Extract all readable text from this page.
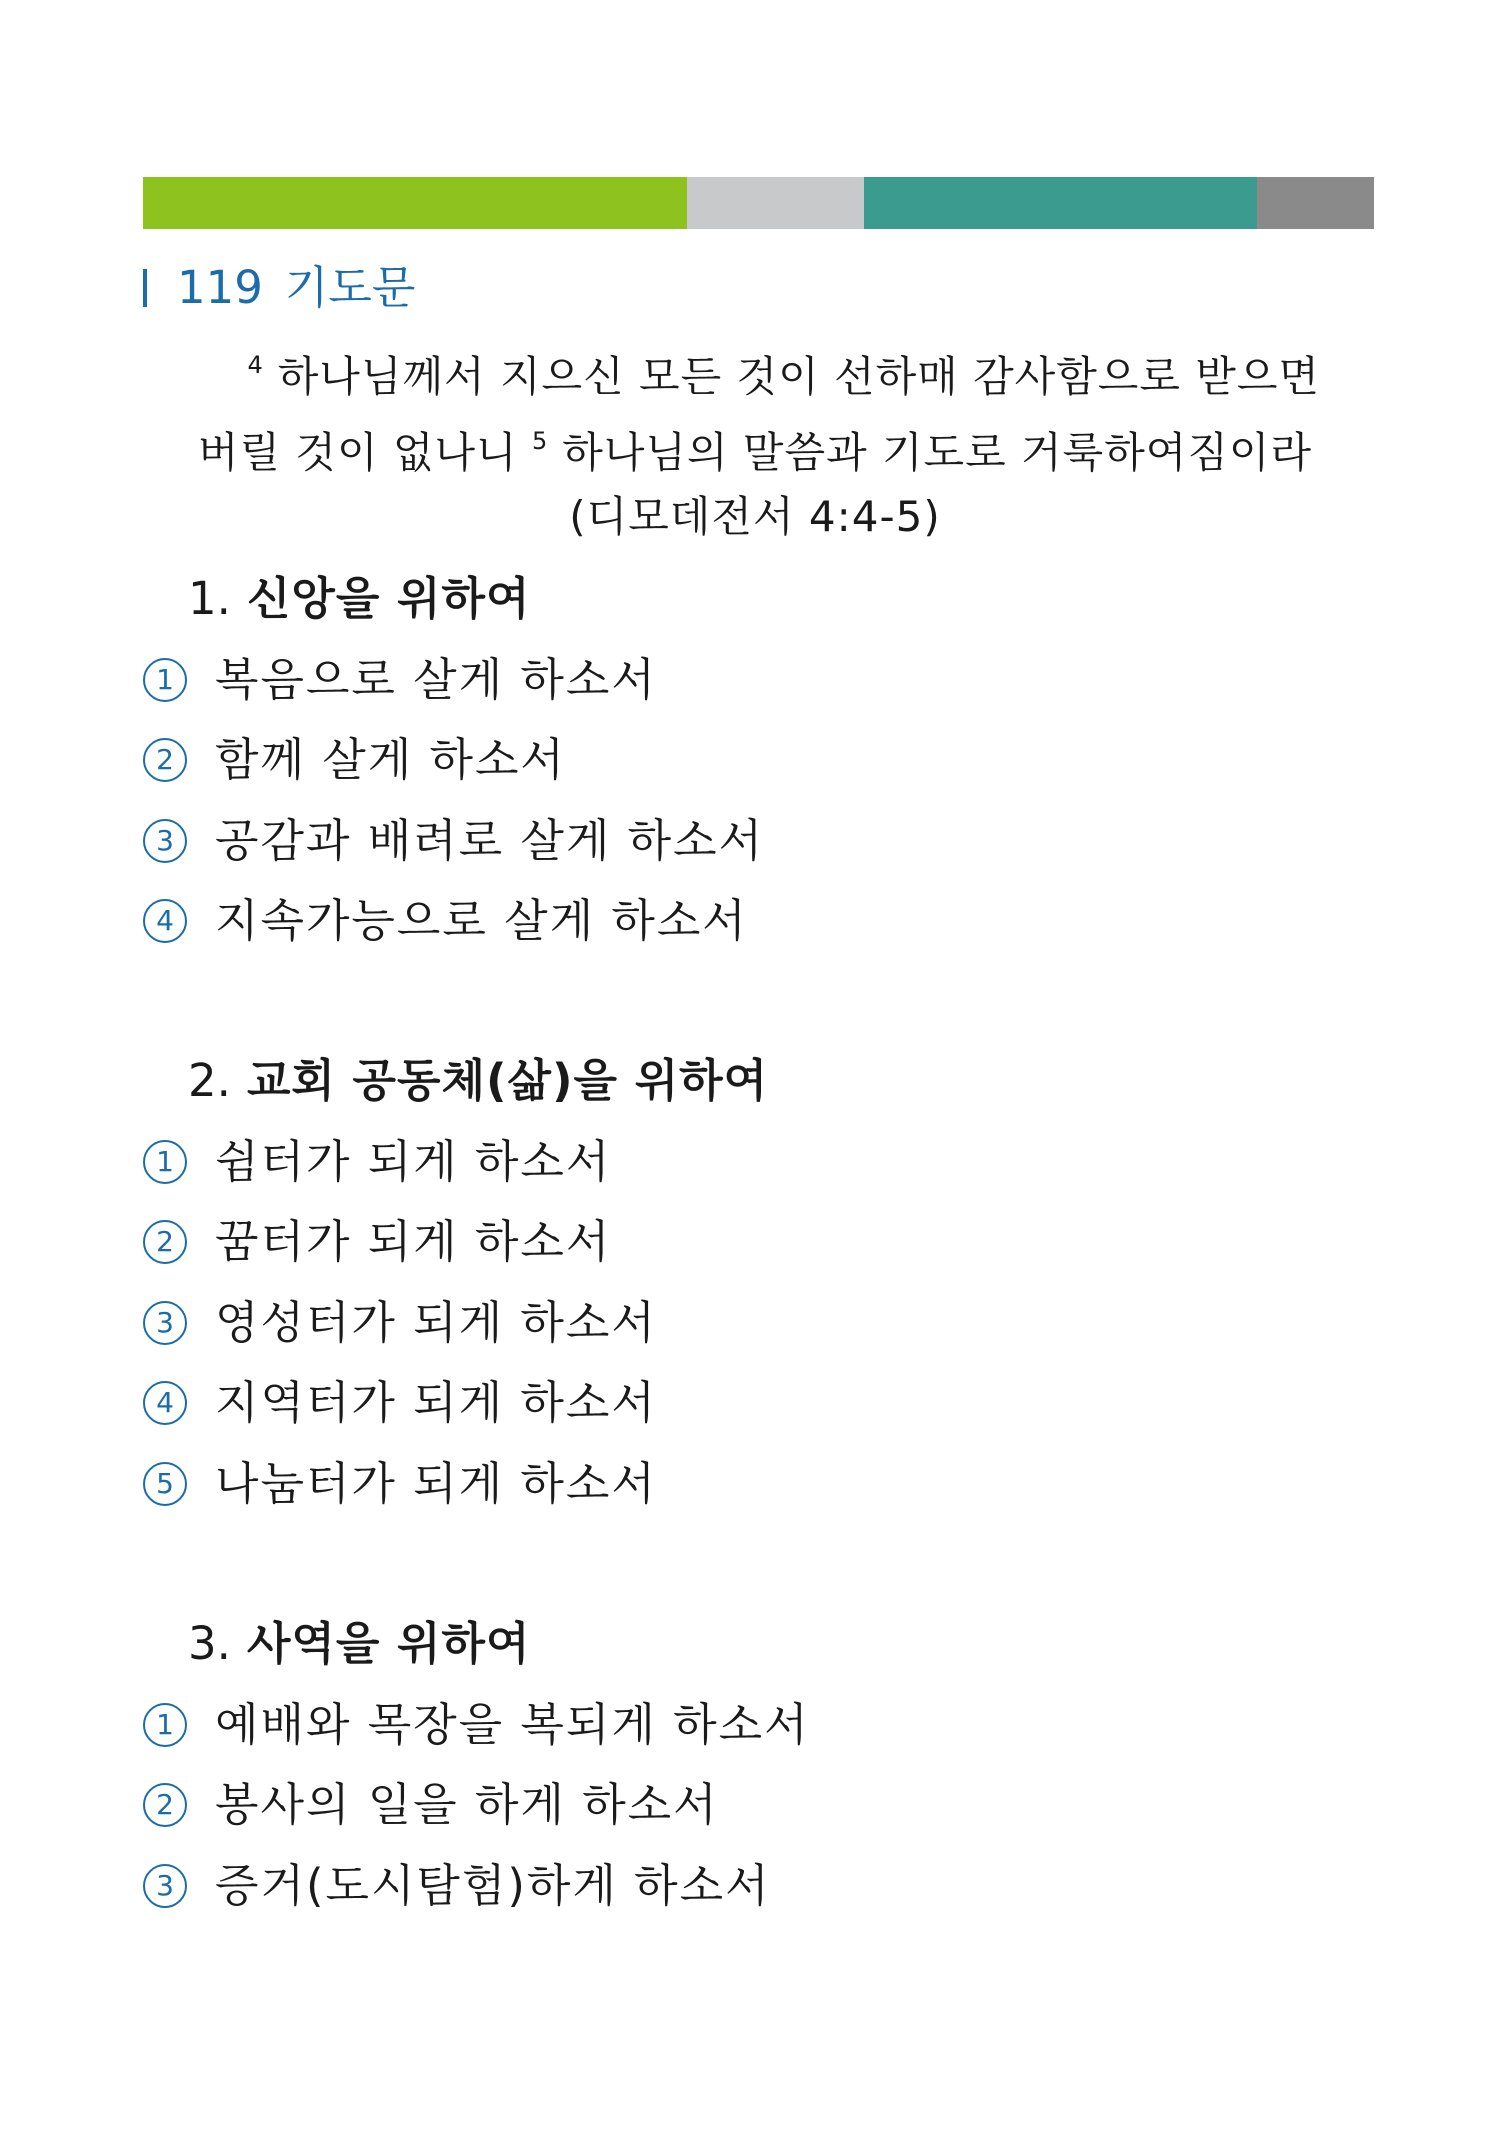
119 기도문
$^4$ 하나님께서 지으신 모든 것이 선하매 감사함으로 받으면
버릴 것이 없나니 $^5$ 하나님의 말씀과 기도로 거룩하여짐이라
(디모데전서 4:4-5)
1. 신앙을 위하여
1 복음으로 살게 하소서
2 함께 살게 하소서
3 공감과 배려로 살게 하소서
4 지속가능으로 살게 하소서
2. 교회 공동체(삶)을 위하여
1 쉼터가 되게 하소서
2 꿈터가 되게 하소서
3 영성터가 되게 하소서
4 지역터가 되게 하소서
5 나눔터가 되게 하소서
3. 사역을 위하여
1 예배와 목장을 복되게 하소서
2 봉사의 일을 하게 하소서
3 증거(도시탐험)하게 하소서
